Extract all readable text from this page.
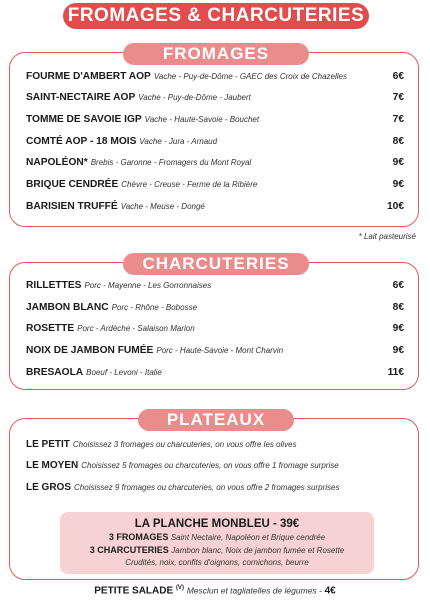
FROMAGES & CHARCUTERIES
FROMAGES
FOURME D'AMBERT AOP Vache - Puy-de-Dôme - GAEC des Croix de Chazelles	6€
SAINT-NECTAIRE AOP Vache - Puy-de-Dôme - Jaubert	7€
TOMME DE SAVOIE IGP Vache - Haute-Savoie - Bouchet	7€
COMTÉ AOP - 18 MOIS Vache - Jura - Arnaud	8€
NAPOLÉON* Brebis - Garonne - Fromagers du Mont Royal	9€
BRIQUE CENDRÉE Chèvre - Creuse - Ferme de la Ribière	9€
BARISIEN TRUFFÉ Vache - Meuse - Dongé	10€
* Lait pasteurisé
CHARCUTERIES
RILLETTES Porc - Mayenne - Les Gorronnaises	6€
JAMBON BLANC Porc - Rhône - Bobosse	8€
ROSETTE Porc - Ardèche - Salaison Marion	9€
NOIX DE JAMBON FUMÉE Porc - Haute-Savoie - Mont Charvin	9€
BRESAOLA Boeuf - Levoni - Italie	11€
PLATEAUX
LE PETIT Choisissez 3 fromages ou charcuteries, on vous offre les olives
LE MOYEN Choisissez 5 fromages ou charcuteries, on vous offre 1 fromage surprise
LE GROS Choisissez 9 fromages ou charcuteries, on vous offre 2 fromages surprises
LA PLANCHE MONBLEU - 39€
3 FROMAGES Saint Nectaire, Napoléon et Brique cendrée
3 CHARCUTERIES Jambon blanc, Noix de jambon fumée et Rosette
Crudités, noix, confits d'oignons, cornichons, beurre
PETITE SALADE $^{(V)}$ Mesclun et tagliatelles de légumes - 4€
